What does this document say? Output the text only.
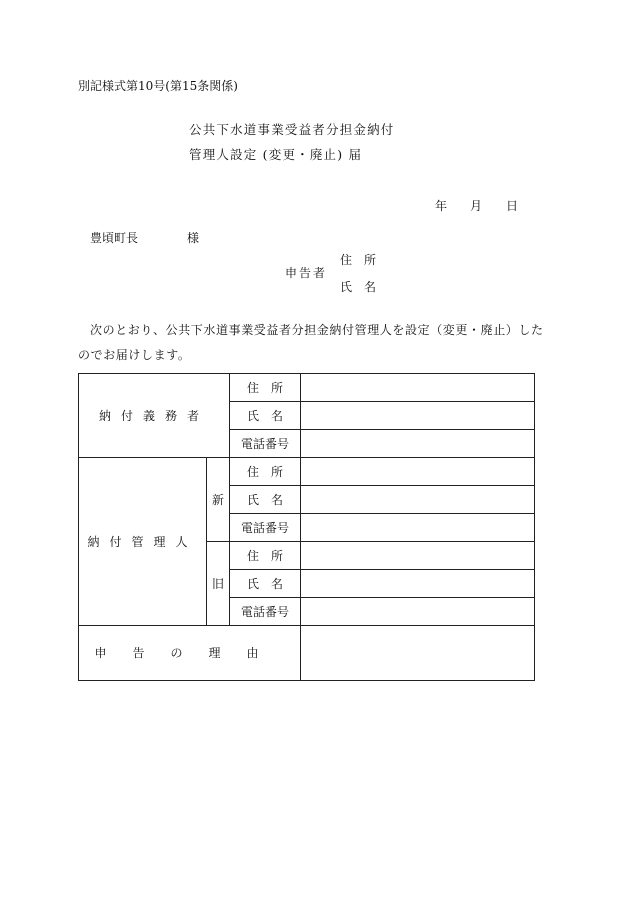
別記様式第10号(第15条関係)
公共下水道事業受益者分担金納付
管理人設定 (変更・廃止) 届
年 月 日
豊頃町長	様
申告者
住　所
氏　名
次のとおり、公共下水道事業受益者分担金納付管理人を設定（変更・廃止）した
のでお届けします。
納付義務者		住　所	
		氏　名	
		電話番号	
納付管理人	新	住　所	
		氏　名	
		電話番号	
	旧	住　所	
		氏　名	
		電話番号	
申告の理由			
